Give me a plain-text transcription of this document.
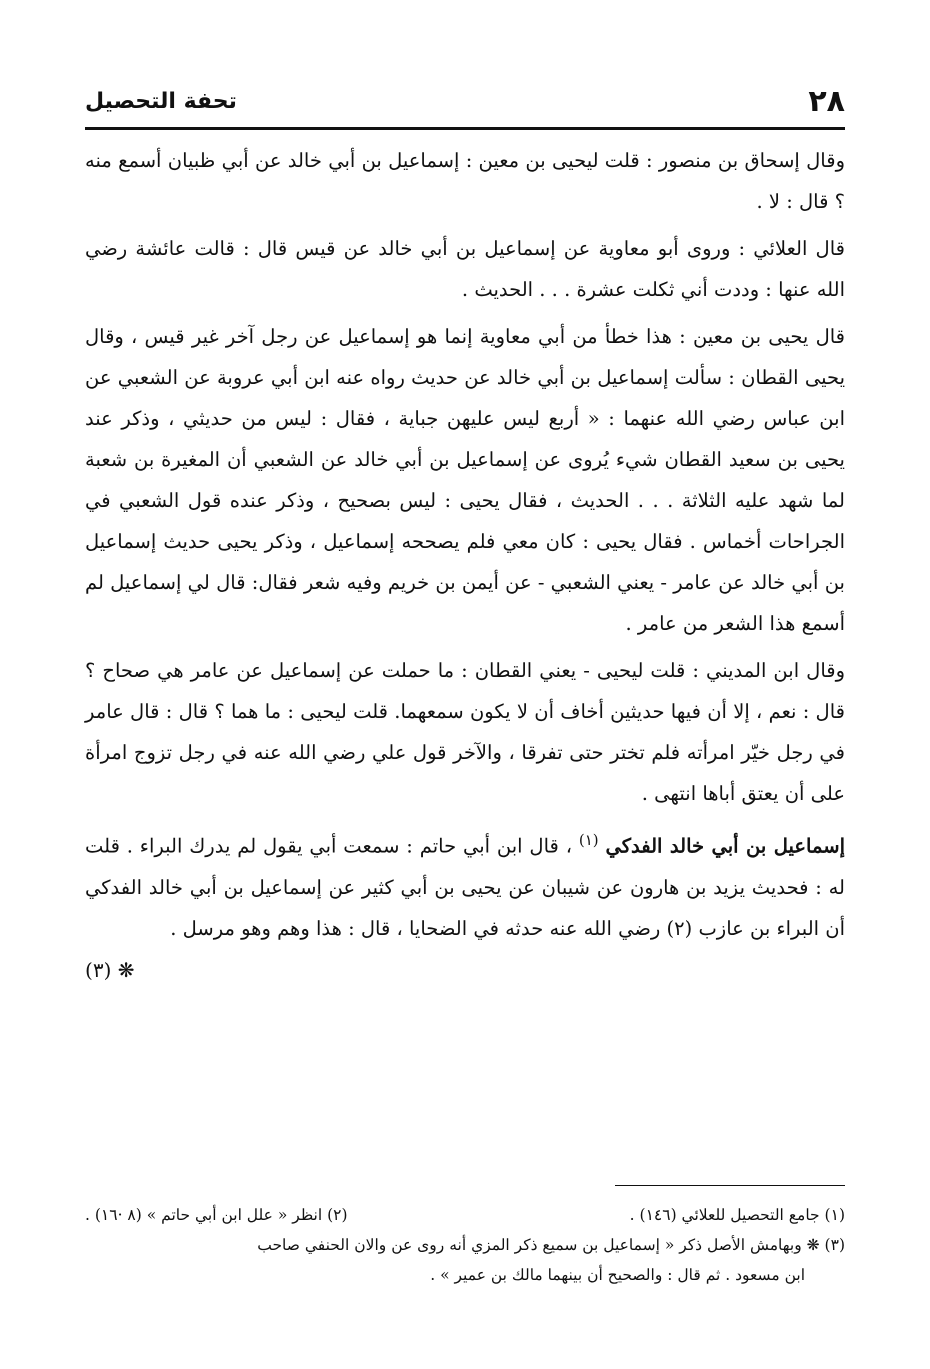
٢٨
تحفة التحصيل

وقال إسحاق بن منصور : قلت ليحيى بن معين : إسماعيل بن أبي خالد عن أبي ظبيان أسمع منه ؟ قال : لا .

قال العلائي : وروى أبو معاوية عن إسماعيل بن أبي خالد عن قيس قال : قالت عائشة رضي الله عنها : وددت أني ثكلت عشرة . . . الحديث .

قال يحيى بن معين : هذا خطأ من أبي معاوية إنما هو إسماعيل عن رجل آخر غير قيس ، وقال يحيى القطان : سألت إسماعيل بن أبي خالد عن حديث رواه عنه ابن أبي عروبة عن الشعبي عن ابن عباس رضي الله عنهما : « أربع ليس عليهن جباية ، فقال : ليس من حديثي ، وذكر عند يحيى بن سعيد القطان شيء يُروى عن إسماعيل بن أبي خالد عن الشعبي أن المغيرة بن شعبة لما شهد عليه الثلاثة . . . الحديث ، فقال يحيى : ليس بصحيح ، وذكر عنده قول الشعبي في الجراحات أخماس . فقال يحيى : كان معي فلم يصححه إسماعيل ، وذكر يحيى حديث إسماعيل بن أبي خالد عن عامر - يعني الشعبي - عن أيمن بن خريم وفيه شعر فقال: قال لي إسماعيل لم أسمع هذا الشعر من عامر .

وقال ابن المديني : قلت ليحيى - يعني القطان : ما حملت عن إسماعيل عن عامر هي صحاح ؟ قال : نعم ، إلا أن فيها حديثين أخاف أن لا يكون سمعهما. قلت ليحيى : ما هما ؟ قال : قال عامر في رجل خيّر امرأته فلم تختر حتى تفرقا ، والآخر قول علي رضي الله عنه في رجل تزوج امرأة على أن يعتق أباها انتهى .

إسماعيل بن أبي خالد الفدكي $^{(١)}$ ، قال ابن أبي حاتم : سمعت أبي يقول لم يدرك البراء . قلت له : فحديث يزيد بن هارون عن شيبان عن يحيى بن أبي كثير عن إسماعيل بن أبي خالد الفدكي أن البراء بن عازب (٢) رضي الله عنه حدثه في الضحايا ، قال : هذا وهم وهو مرسل .

(٣) ❋

(١) جامع التحصيل للعلائي (١٤٦) .
(٢) انظر « علل ابن أبي حاتم » (٨ ·١٦) .

(٣) ❋ وبهامش الأصل ذكر « إسماعيل بن سميع ذكر المزي أنه روى عن والان الحنفي صاحب

ابن مسعود . ثم قال : والصحيح أن بينهما مالك بن عمير » .
